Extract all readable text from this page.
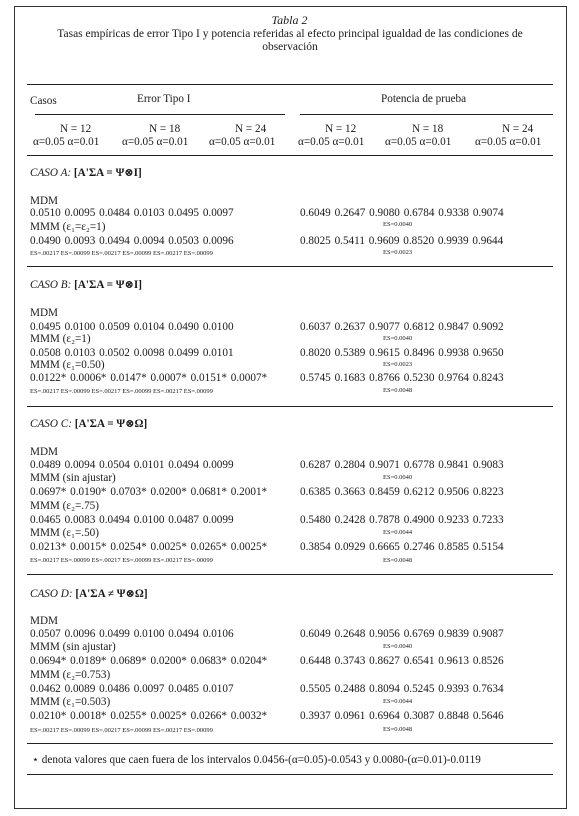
Tabla 2
Tasas empíricas de error Tipo I y potencia referidas al efecto principal igualdad de las condiciones de observación
Casos	Error Tipo I	Potencia de prueba
N = 12	N = 18	N = 24	N = 12	N = 18	N = 24
α=0.05 α=0.01 α=0.05 α=0.01 α=0.05 α=0.01 α=0.05 α=0.01 α=0.05 α=0.01 α=0.05 α=0.01
CASO A: [A'ΣA = Ψ⊗I]
MDM
0.0510 0.0095 0.0484 0.0103 0.0495 0.0097	0.6049 0.2647 0.9080 0.6784 0.9338 0.9074
ES=0.0040
MMM (ε₁=ε₂=1)
0.0490 0.0093 0.0494 0.0094 0.0503 0.0096	0.8025 0.5411 0.9609 0.8520 0.9939 0.9644
ES=.00217 ES=.00099 ES=.00217 ES=.00099 ES=.00217 ES=.00099	ES=0.0023
CASO B: [A'ΣA = Ψ⊗I]
MDM
0.0495 0.0100 0.0509 0.0104 0.0490 0.0100	0.6037 0.2637 0.9077 0.6812 0.9847 0.9092
ES=0.0040
MMM (ε₂=1)
0.0508 0.0103 0.0502 0.0098 0.0499 0.0101	0.8020 0.5389 0.9615 0.8496 0.9938 0.9650
ES=0.0023
MMM (ε₁=0.50)
0.0122* 0.0006* 0.0147* 0.0007* 0.0151* 0.0007*	0.5745 0.1683 0.8766 0.5230 0.9764 0.8243
ES=.00217 ES=.00099 ES=.00217 ES=.00099 ES=.00217 ES=.00099	ES=0.0048
CASO C: [A'ΣA = Ψ⊗Ω]
MDM
0.0489 0.0094 0.0504 0.0101 0.0494 0.0099	0.6287 0.2804 0.9071 0.6778 0.9841 0.9083
ES=0.0040
MMM (sin ajustar)
0.0697* 0.0190* 0.0703* 0.0200* 0.0681* 0.2001*	0.6385 0.3663 0.8459 0.6212 0.9506 0.8223
MMM (ε₂=.75)
0.0465 0.0083 0.0494 0.0100 0.0487 0.0099	0.5480 0.2428 0.7878 0.4900 0.9233 0.7233
ES=0.0044
MMM (ε₁=.50)
0.0213* 0.0015* 0.0254* 0.0025* 0.0265* 0.0025*	0.3854 0.0929 0.6665 0.2746 0.8585 0.5154
ES=.00217 ES=.00099 ES=.00217 ES=.00099 ES=.00217 ES=.00099	ES=0.0048
CASO D: [A'ΣA ≠ Ψ⊗Ω]
MDM
0.0507 0.0096 0.0499 0.0100 0.0494 0.0106	0.6049 0.2648 0.9056 0.6769 0.9839 0.9087
ES=0.0040
MMM (sin ajustar)
0.0694* 0.0189* 0.0689* 0.0200* 0.0683* 0.0204*	0.6448 0.3743 0.8627 0.6541 0.9613 0.8526
MMM (ε₂=0.753)
0.0462 0.0089 0.0486 0.0097 0.0485 0.0107	0.5505 0.2488 0.8094 0.5245 0.9393 0.7634
ES=0.0044
MMM (ε₁=0.503)
0.0210* 0.0018* 0.0255* 0.0025* 0.0266* 0.0032*	0.3937 0.0961 0.6964 0.3087 0.8848 0.5646
ES=.00217 ES=.00099 ES=.00217 ES=.00099 ES=.00217 ES=.00099	ES=0.0048
⋆ denota valores que caen fuera de los intervalos 0.0456-(α=0.05)-0.0543 y 0.0080-(α=0.01)-0.0119
